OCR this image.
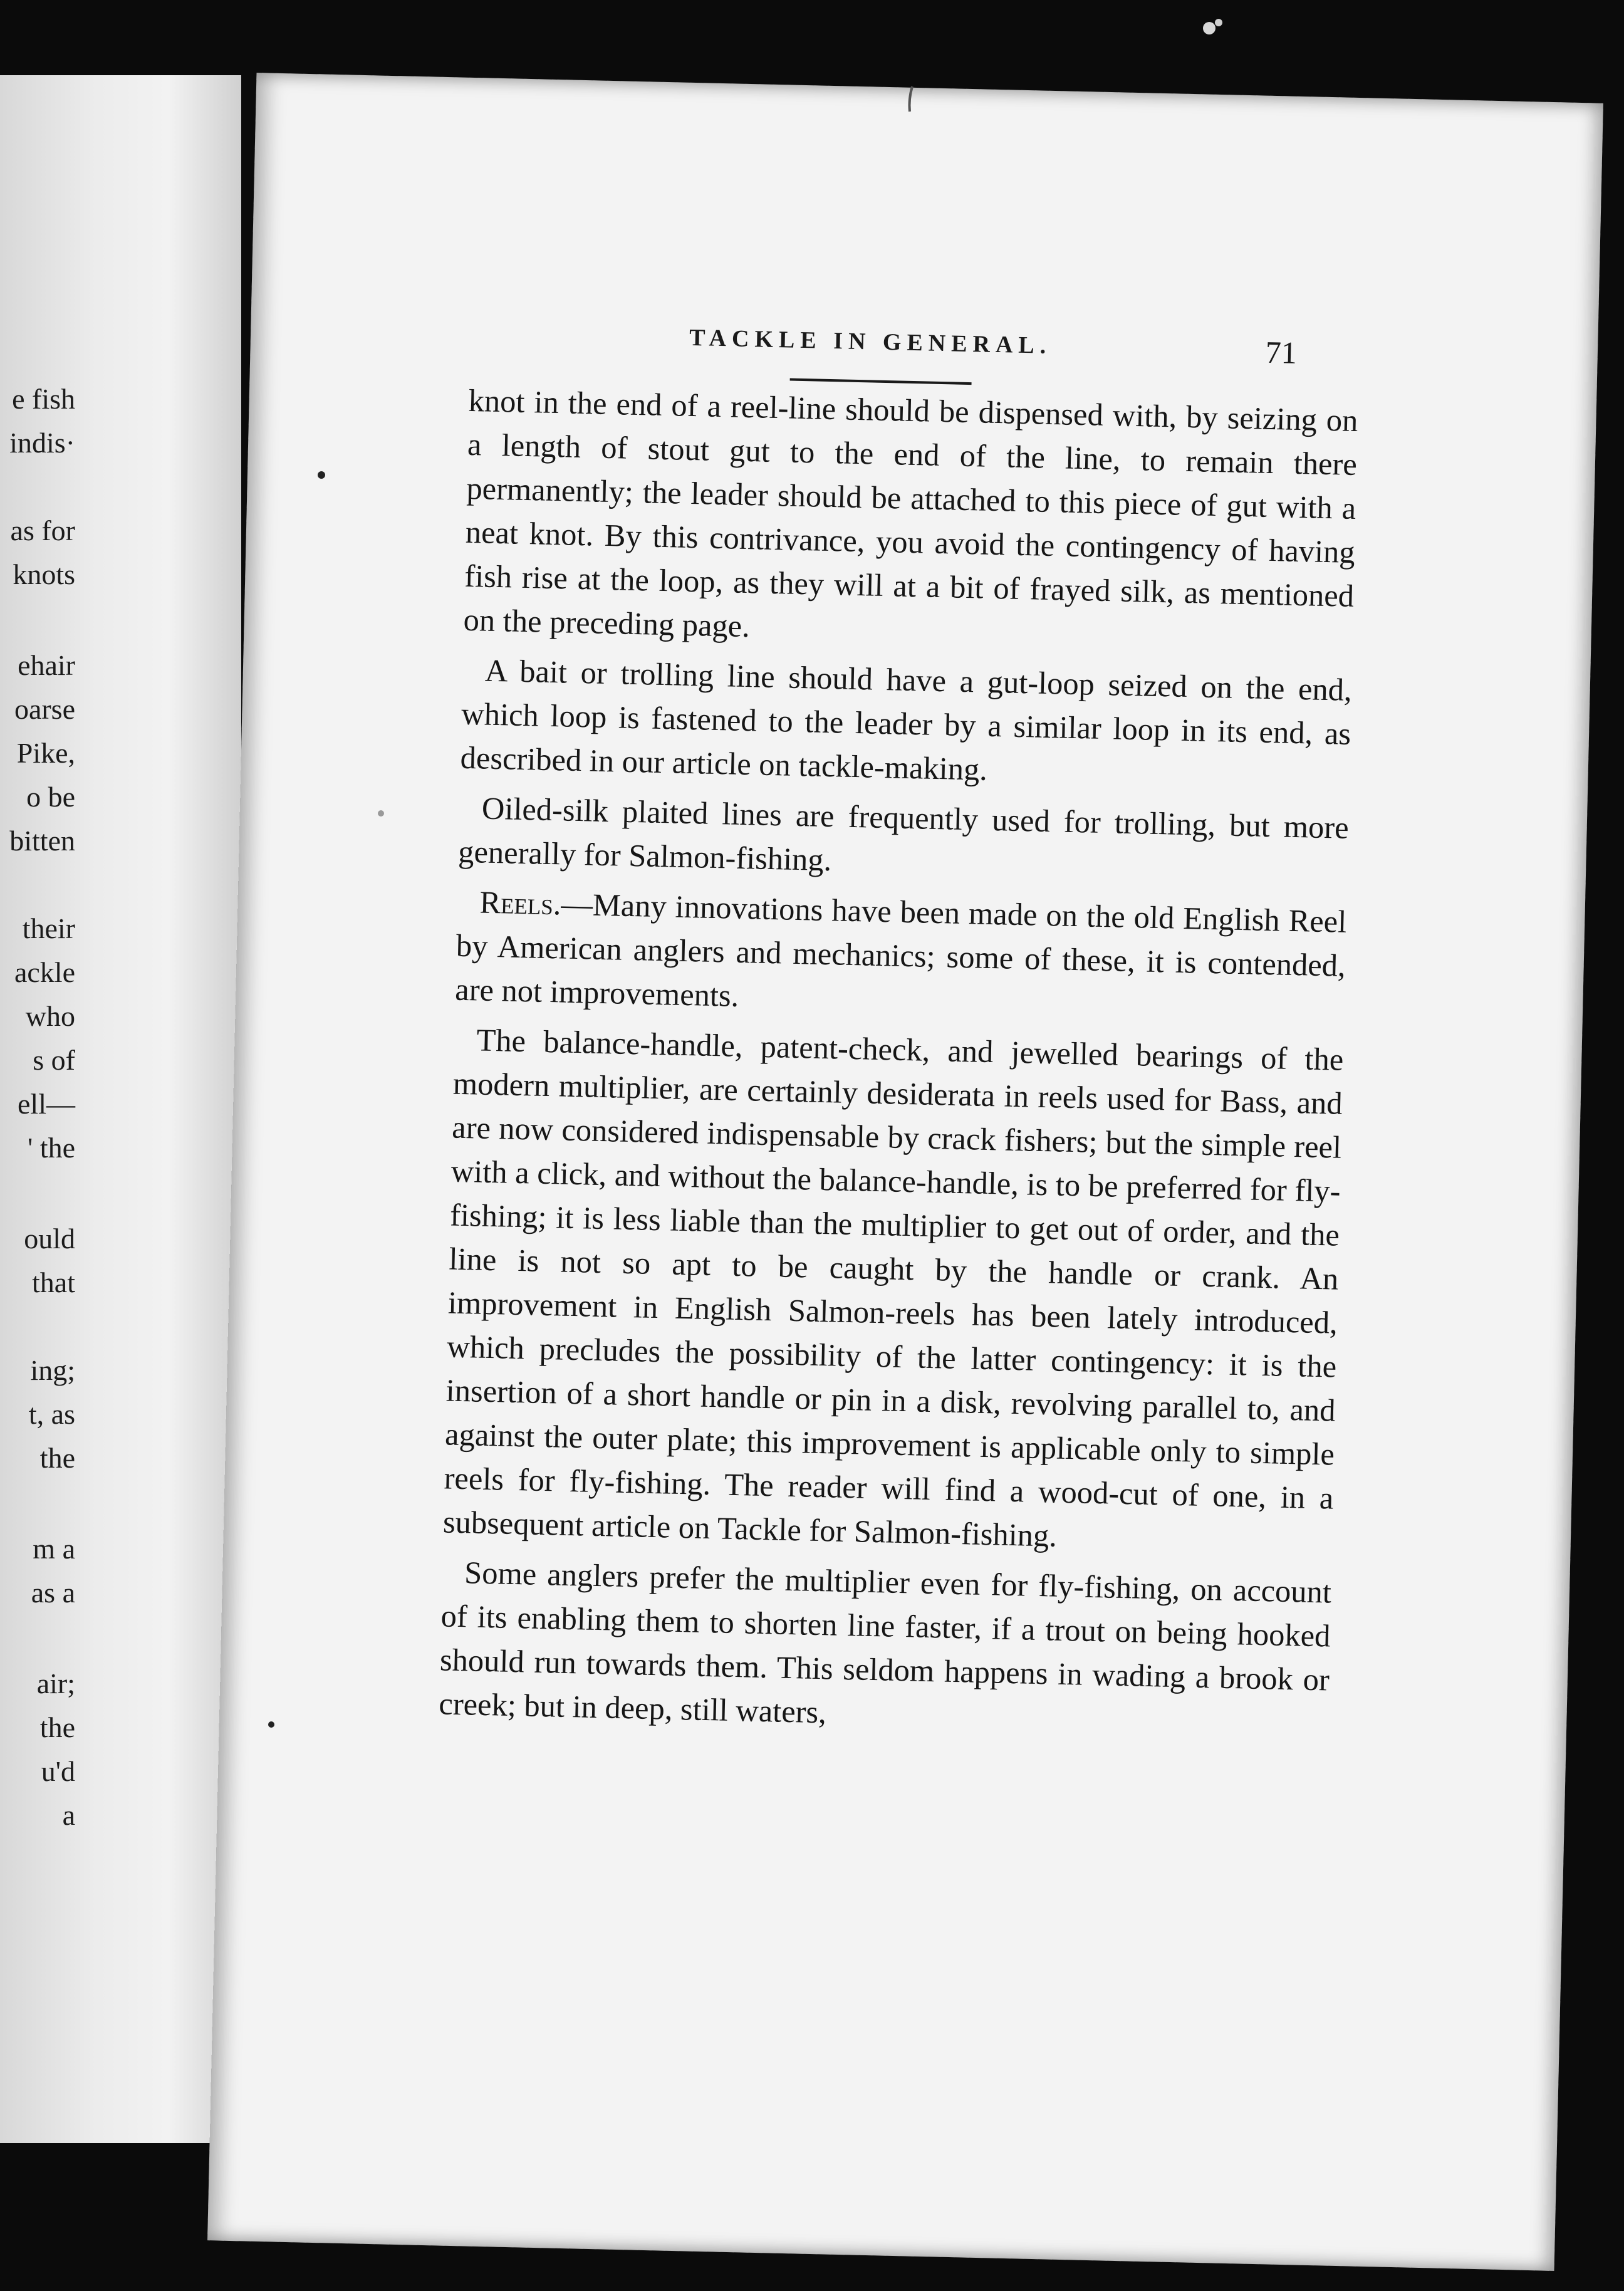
e fish

indis·

as for

knots

ehair

oarse

Pike,

o be

bitten

their

ackle

who

s of

ell—

' the

ould

that

ing;

t, as

the

m a

as a

air;

the

u'd

a

TACKLE IN GENERAL.	71

knot in the end of a reel-line should be dispensed with, by seizing on a length of stout gut to the end of the line, to remain there permanently; the leader should be attached to this piece of gut with a neat knot. By this contrivance, you avoid the contingency of having fish rise at the loop, as they will at a bit of frayed silk, as mentioned on the preceding page.

A bait or trolling line should have a gut-loop seized on the end, which loop is fastened to the leader by a similar loop in its end, as described in our article on tackle-making.

Oiled-silk plaited lines are frequently used for trolling, but more generally for Salmon-fishing.

Reels.—Many innovations have been made on the old English Reel by American anglers and mechanics; some of these, it is contended, are not improvements.

The balance-handle, patent-check, and jewelled bearings of the modern multiplier, are certainly desiderata in reels used for Bass, and are now considered indispensable by crack fishers; but the simple reel with a click, and without the balance-handle, is to be preferred for fly-fishing; it is less liable than the multiplier to get out of order, and the line is not so apt to be caught by the handle or crank. An improvement in English Salmon-reels has been lately introduced, which precludes the possibility of the latter contingency: it is the insertion of a short handle or pin in a disk, revolving parallel to, and against the outer plate; this improvement is applicable only to simple reels for fly-fishing. The reader will find a wood-cut of one, in a subsequent article on Tackle for Salmon-fishing.

Some anglers prefer the multiplier even for fly-fishing, on account of its enabling them to shorten line faster, if a trout on being hooked should run towards them. This seldom happens in wading a brook or creek; but in deep, still waters,
